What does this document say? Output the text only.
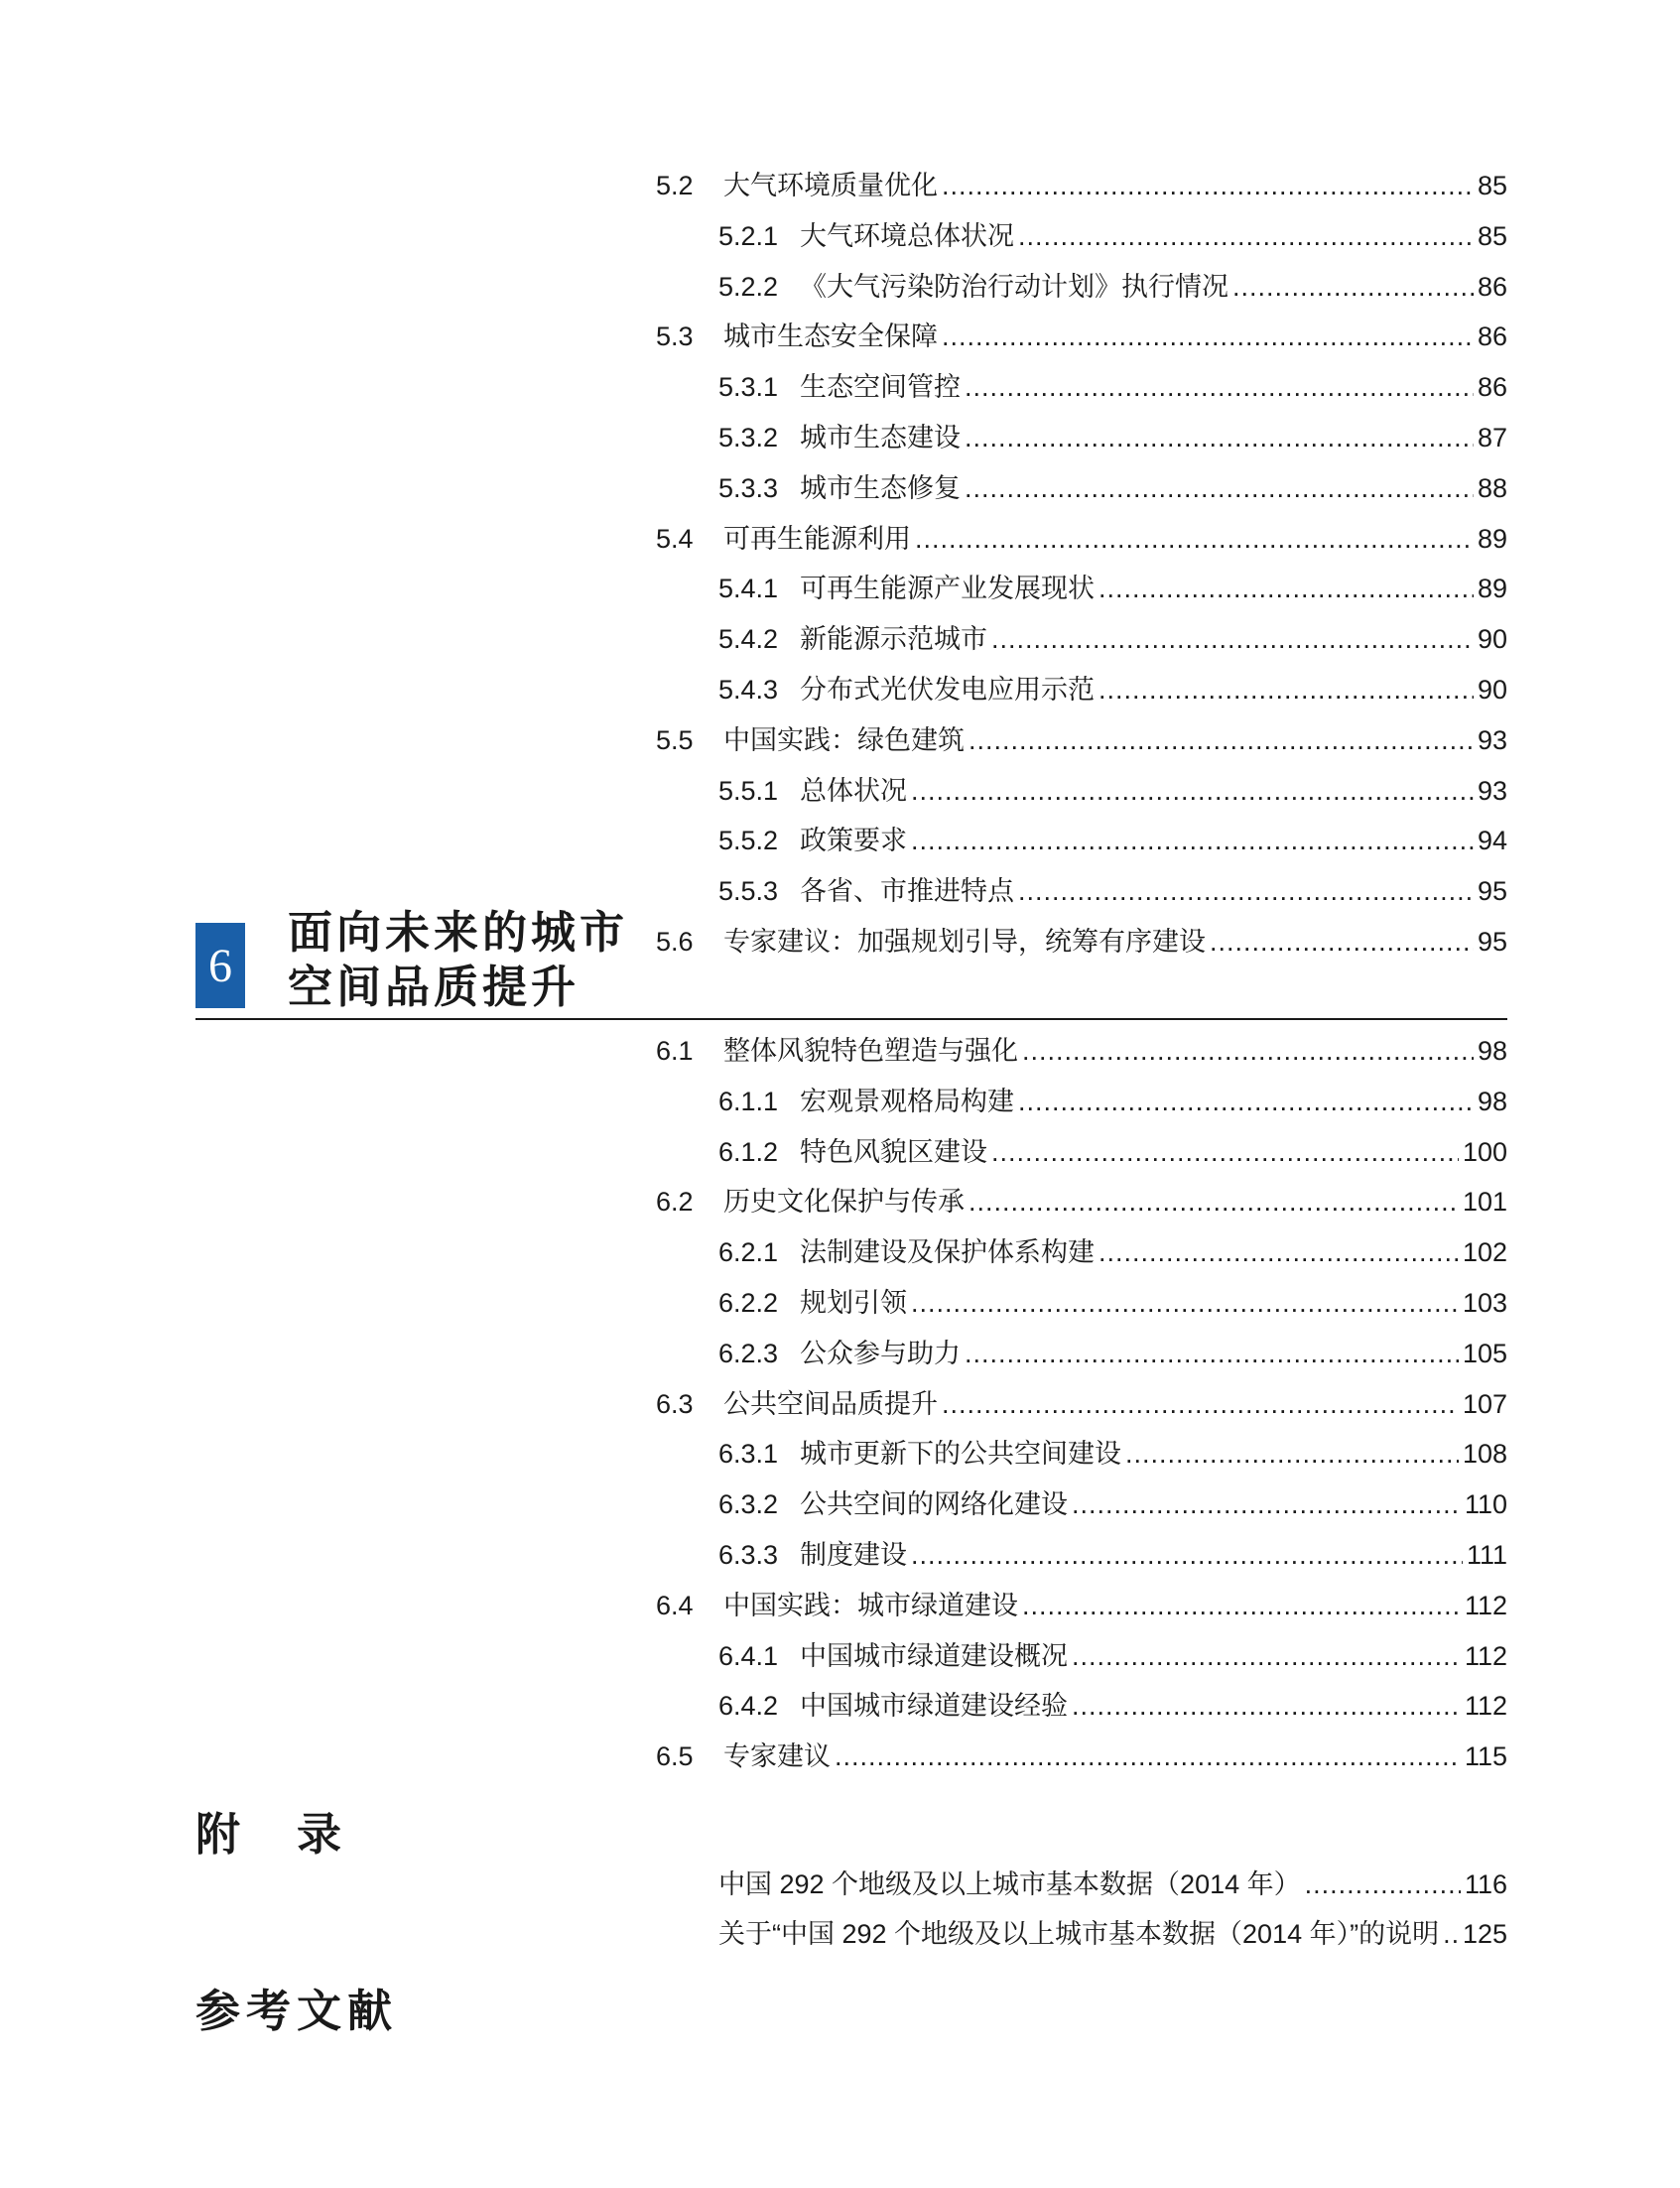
5.2	大气环境质量优化 .....	85
5.2.1 大气环境总体状况 .....	85
5.2.2 《大气污染防治行动计划》执行情况 .....	86
5.3	城市生态安全保障 .....	86
5.3.1 生态空间管控 .....	86
5.3.2 城市生态建设 .....	87
5.3.3 城市生态修复 .....	88
5.4	可再生能源利用 .....	89
5.4.1 可再生能源产业发展现状 .....	89
5.4.2 新能源示范城市 .....	90
5.4.3 分布式光伏发电应用示范 .....	90
5.5	中国实践：绿色建筑 .....	93
5.5.1 总体状况 .....	93
5.5.2 政策要求 .....	94
5.5.3 各省、市推进特点 .....	95
5.6	专家建议：加强规划引导，统筹有序建设 .....	95
6
面向未来的城市
空间品质提升
6.1	整体风貌特色塑造与强化 .....	98
6.1.1 宏观景观格局构建 .....	98
6.1.2 特色风貌区建设 .....	100
6.2	历史文化保护与传承 .....	101
6.2.1 法制建设及保护体系构建 .....	102
6.2.2 规划引领 .....	103
6.2.3 公众参与助力 .....	105
6.3	公共空间品质提升 .....	107
6.3.1 城市更新下的公共空间建设 .....	108
6.3.2 公共空间的网络化建设 .....	110
6.3.3 制度建设 .....	111
6.4	中国实践：城市绿道建设 .....	112
6.4.1 中国城市绿道建设概况 .....	112
6.4.2 中国城市绿道建设经验 .....	112
6.5	专家建议 .....	115
附　录
中国 292 个地级及以上城市基本数据（2014 年） .....	116
关于“中国 292 个地级及以上城市基本数据（2014 年）”的说明 ..... 125
参考文献
